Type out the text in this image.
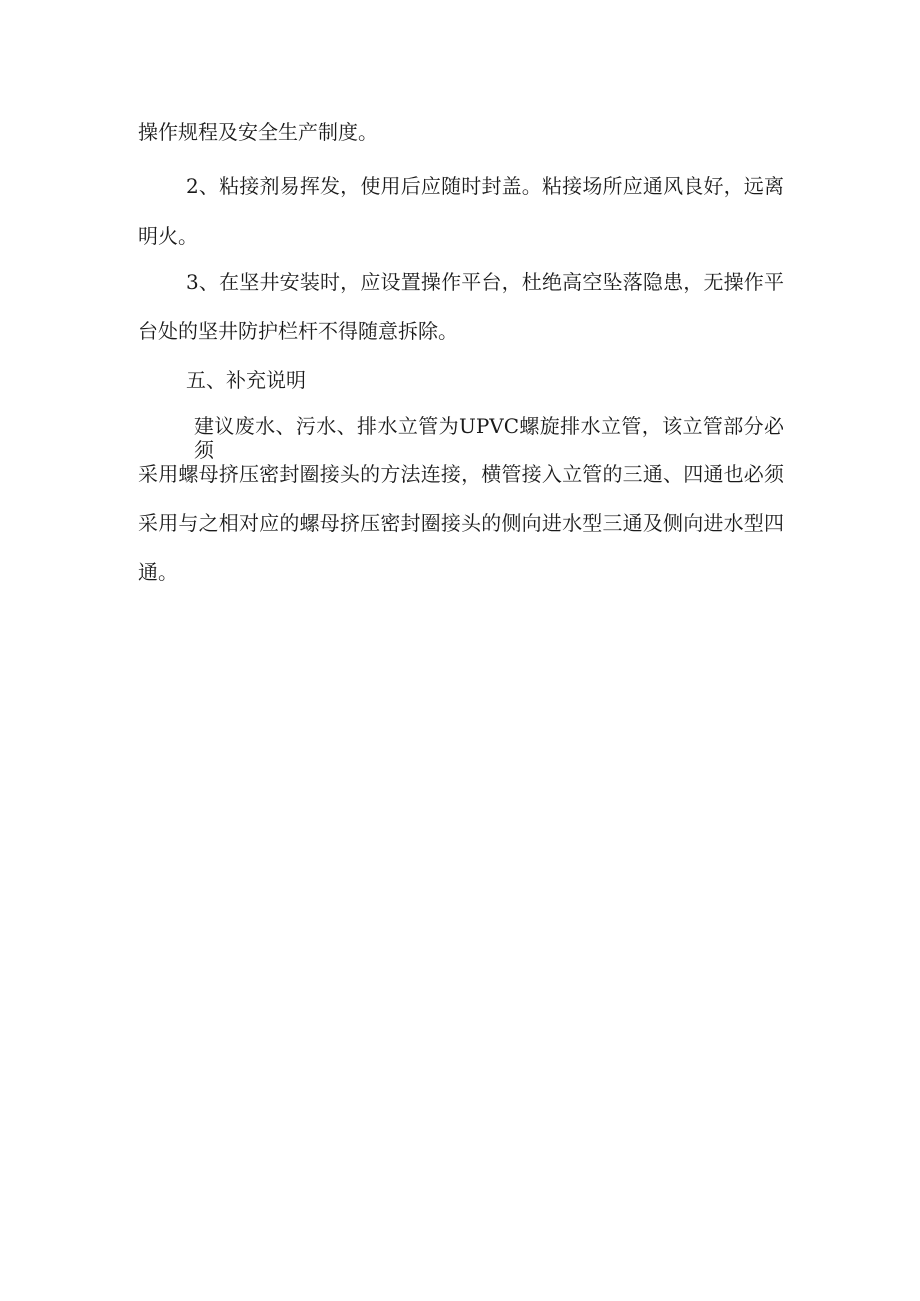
操作规程及安全生产制度。

2、粘接剂易挥发，使用后应随时封盖。粘接场所应通风良好，远离

明火。

3、在坚井安装时，应设置操作平台，杜绝高空坠落隐患，无操作平

台处的坚井防护栏杆不得随意拆除。

五、补充说明

建议废水、污水、排水立管为UPVC螺旋排水立管，该立管部分必须

采用螺母挤压密封圈接头的方法连接，横管接入立管的三通、四通也必须

采用与之相对应的螺母挤压密封圈接头的侧向进水型三通及侧向进水型四

通。
